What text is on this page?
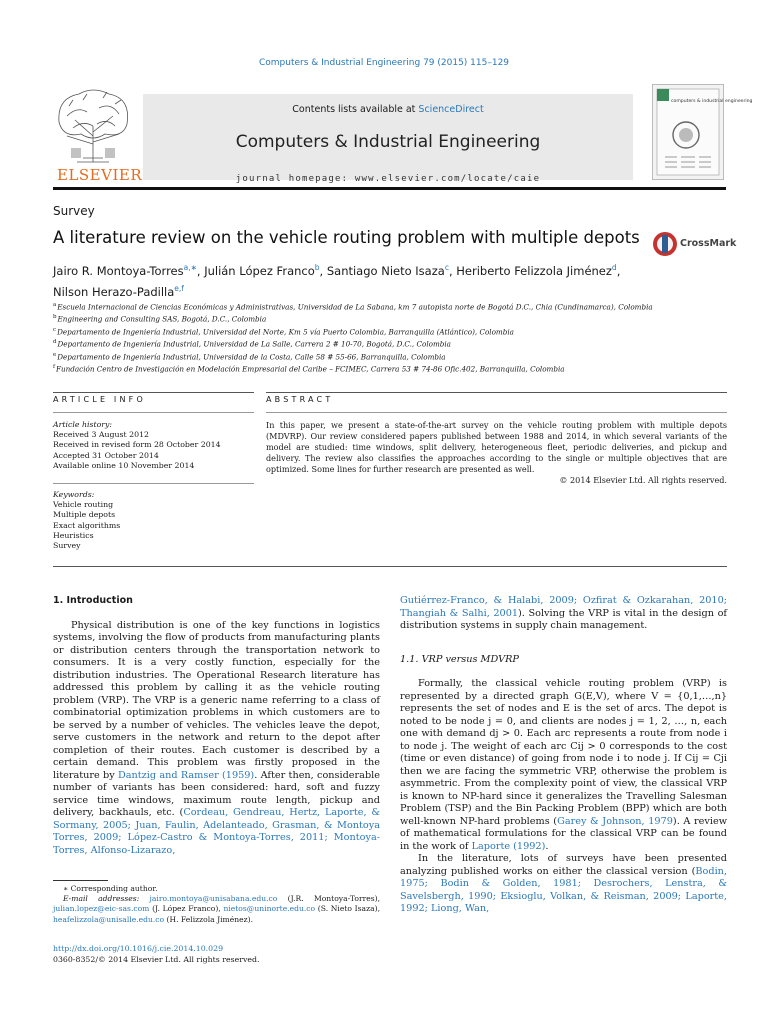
Computers & Industrial Engineering 79 (2015) 115–129
ELSEVIER
Contents lists available at ScienceDirect
Computers & Industrial Engineering
journal homepage: www.elsevier.com/locate/caie
computers & industrial engineering
Survey
A literature review on the vehicle routing problem with multiple depots	CrossMark
Jairo R. Montoya-Torres$^{a,∗}$, Julián López Franco$^b$, Santiago Nieto Isaza$^c$, Heriberto Felizzola Jiménez$^d$,
Nilson Herazo-Padilla$^{e,f}$
$^a$Escuela Internacional de Ciencias Económicas y Administrativas, Universidad de La Sabana, km 7 autopista norte de Bogotá D.C., Chia (Cundinamarca), Colombia
$^b$Engineering and Consulting SAS, Bogotá, D.C., Colombia
$^c$Departamento de Ingeniería Industrial, Universidad del Norte, Km 5 vía Puerto Colombia, Barranquilla (Atlántico), Colombia
$^d$Departamento de Ingeniería Industrial, Universidad de La Salle, Carrera 2 # 10-70, Bogotá, D.C., Colombia
$^e$Departamento de Ingeniería Industrial, Universidad de la Costa, Calle 58 # 55-66, Barranquilla, Colombia
$^f$Fundación Centro de Investigación en Modelación Empresarial del Caribe – FCIMEC, Carrera 53 # 74-86 Ofic.402, Barranquilla, Colombia
ARTICLE INFO	ABSTRACT
Article history:
Received 3 August 2012
Received in revised form 28 October 2014
Accepted 31 October 2014
Available online 10 November 2014
Keywords:
Vehicle routing
Multiple depots
Exact algorithms
Heuristics
Survey
In this paper, we present a state-of-the-art survey on the vehicle routing problem with multiple depots (MDVRP). Our review considered papers published between 1988 and 2014, in which several variants of the model are studied: time windows, split delivery, heterogeneous fleet, periodic deliveries, and pickup and delivery. The review also classifies the approaches according to the single or multiple objectives that are optimized. Some lines for further research are presented as well.
© 2014 Elsevier Ltd. All rights reserved.
1. Introduction

Physical distribution is one of the key functions in logistics systems, involving the flow of products from manufacturing plants or distribution centers through the transportation network to consumers. It is a very costly function, especially for the distribution industries. The Operational Research literature has addressed this problem by calling it as the vehicle routing problem (VRP). The VRP is a generic name referring to a class of combinatorial optimization problems in which customers are to be served by a number of vehicles. The vehicles leave the depot, serve customers in the network and return to the depot after completion of their routes. Each customer is described by a certain demand. This problem was firstly proposed in the literature by Dantzig and Ramser (1959). After then, considerable number of variants has been considered: hard, soft and fuzzy service time windows, maximum route length, pickup and delivery, backhauls, etc. (Cordeau, Gendreau, Hertz, Laporte, & Sormany, 2005; Juan, Faulin, Adelanteado, Grasman, & Montoya Torres, 2009; López-Castro & Montoya-Torres, 2011; Montoya-Torres, Alfonso-Lizarazo,

Gutiérrez-Franco, & Halabi, 2009; Ozfirat & Ozkarahan, 2010; Thangiah & Salhi, 2001). Solving the VRP is vital in the design of distribution systems in supply chain management.

1.1. VRP versus MDVRP

Formally, the classical vehicle routing problem (VRP) is represented by a directed graph G(E,V), where V = {0,1,…,n} represents the set of nodes and E is the set of arcs. The depot is noted to be node j = 0, and clients are nodes j = 1, 2, …, n, each one with demand dj > 0. Each arc represents a route from node i to node j. The weight of each arc Cij > 0 corresponds to the cost (time or even distance) of going from node i to node j. If Cij = Cji then we are facing the symmetric VRP, otherwise the problem is asymmetric. From the complexity point of view, the classical VRP is known to NP-hard since it generalizes the Travelling Salesman Problem (TSP) and the Bin Packing Problem (BPP) which are both well-known NP-hard problems (Garey & Johnson, 1979). A review of mathematical formulations for the classical VRP can be found in the work of Laporte (1992).

In the literature, lots of surveys have been presented analyzing published works on either the classical version (Bodin, 1975; Bodin & Golden, 1981; Desrochers, Lenstra, & Savelsbergh, 1990; Eksioglu, Volkan, & Reisman, 2009; Laporte, 1992; Liong, Wan,

∗ Corresponding author.
E-mail addresses: jairo.montoya@unisabana.edu.co (J.R. Montoya-Torres), julian.lopez@eic-sas.com (J. López Franco), nietos@uninorte.edu.co (S. Nieto Isaza), heafelizzola@unisalle.edu.co (H. Felizzola Jiménez).
http://dx.doi.org/10.1016/j.cie.2014.10.029
0360-8352/© 2014 Elsevier Ltd. All rights reserved.
